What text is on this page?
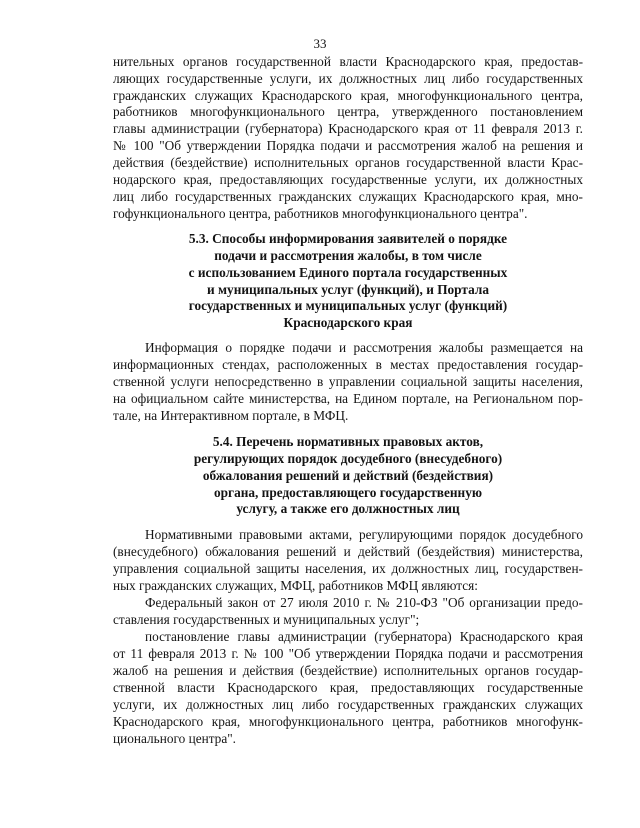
33
нительных органов государственной власти Краснодарского края, предостав-
ляющих государственные услуги, их должностных лиц либо государственных
гражданских служащих Краснодарского края, многофункционального центра,
работников многофункционального центра, утвержденного постановлением
главы администрации (губернатора) Краснодарского края от 11 февраля 2013 г.
№ 100 "Об утверждении Порядка подачи и рассмотрения жалоб на решения и
действия (бездействие) исполнительных органов государственной власти Крас-
нодарского края, предоставляющих государственные услуги, их должностных
лиц либо государственных гражданских служащих Краснодарского края, мно-
гофункционального центра, работников многофункционального центра".
5.3. Способы информирования заявителей о порядке
подачи и рассмотрения жалобы, в том числе
с использованием Единого портала государственных
и муниципальных услуг (функций), и Портала
государственных и муниципальных услуг (функций)
Краснодарского края
Информация о порядке подачи и рассмотрения жалобы размещается на
информационных стендах, расположенных в местах предоставления государ-
ственной услуги непосредственно в управлении социальной защиты населения,
на официальном сайте министерства, на Едином портале, на Региональном пор-
тале, на Интерактивном портале, в МФЦ.
5.4. Перечень нормативных правовых актов,
регулирующих порядок досудебного (внесудебного)
обжалования решений и действий (бездействия)
органа, предоставляющего государственную
услугу, а также его должностных лиц
Нормативными правовыми актами, регулирующими порядок досудебного
(внесудебного) обжалования решений и действий (бездействия) министерства,
управления социальной защиты населения, их должностных лиц, государствен-
ных гражданских служащих, МФЦ, работников МФЦ являются:
Федеральный закон от 27 июля 2010 г. № 210-ФЗ "Об организации предо-
ставления государственных и муниципальных услуг";
постановление главы администрации (губернатора) Краснодарского края
от 11 февраля 2013 г. № 100 "Об утверждении Порядка подачи и рассмотрения
жалоб на решения и действия (бездействие) исполнительных органов государ-
ственной власти Краснодарского края, предоставляющих государственные
услуги, их должностных лиц либо государственных гражданских служащих
Краснодарского края, многофункционального центра, работников многофунк-
ционального центра".
